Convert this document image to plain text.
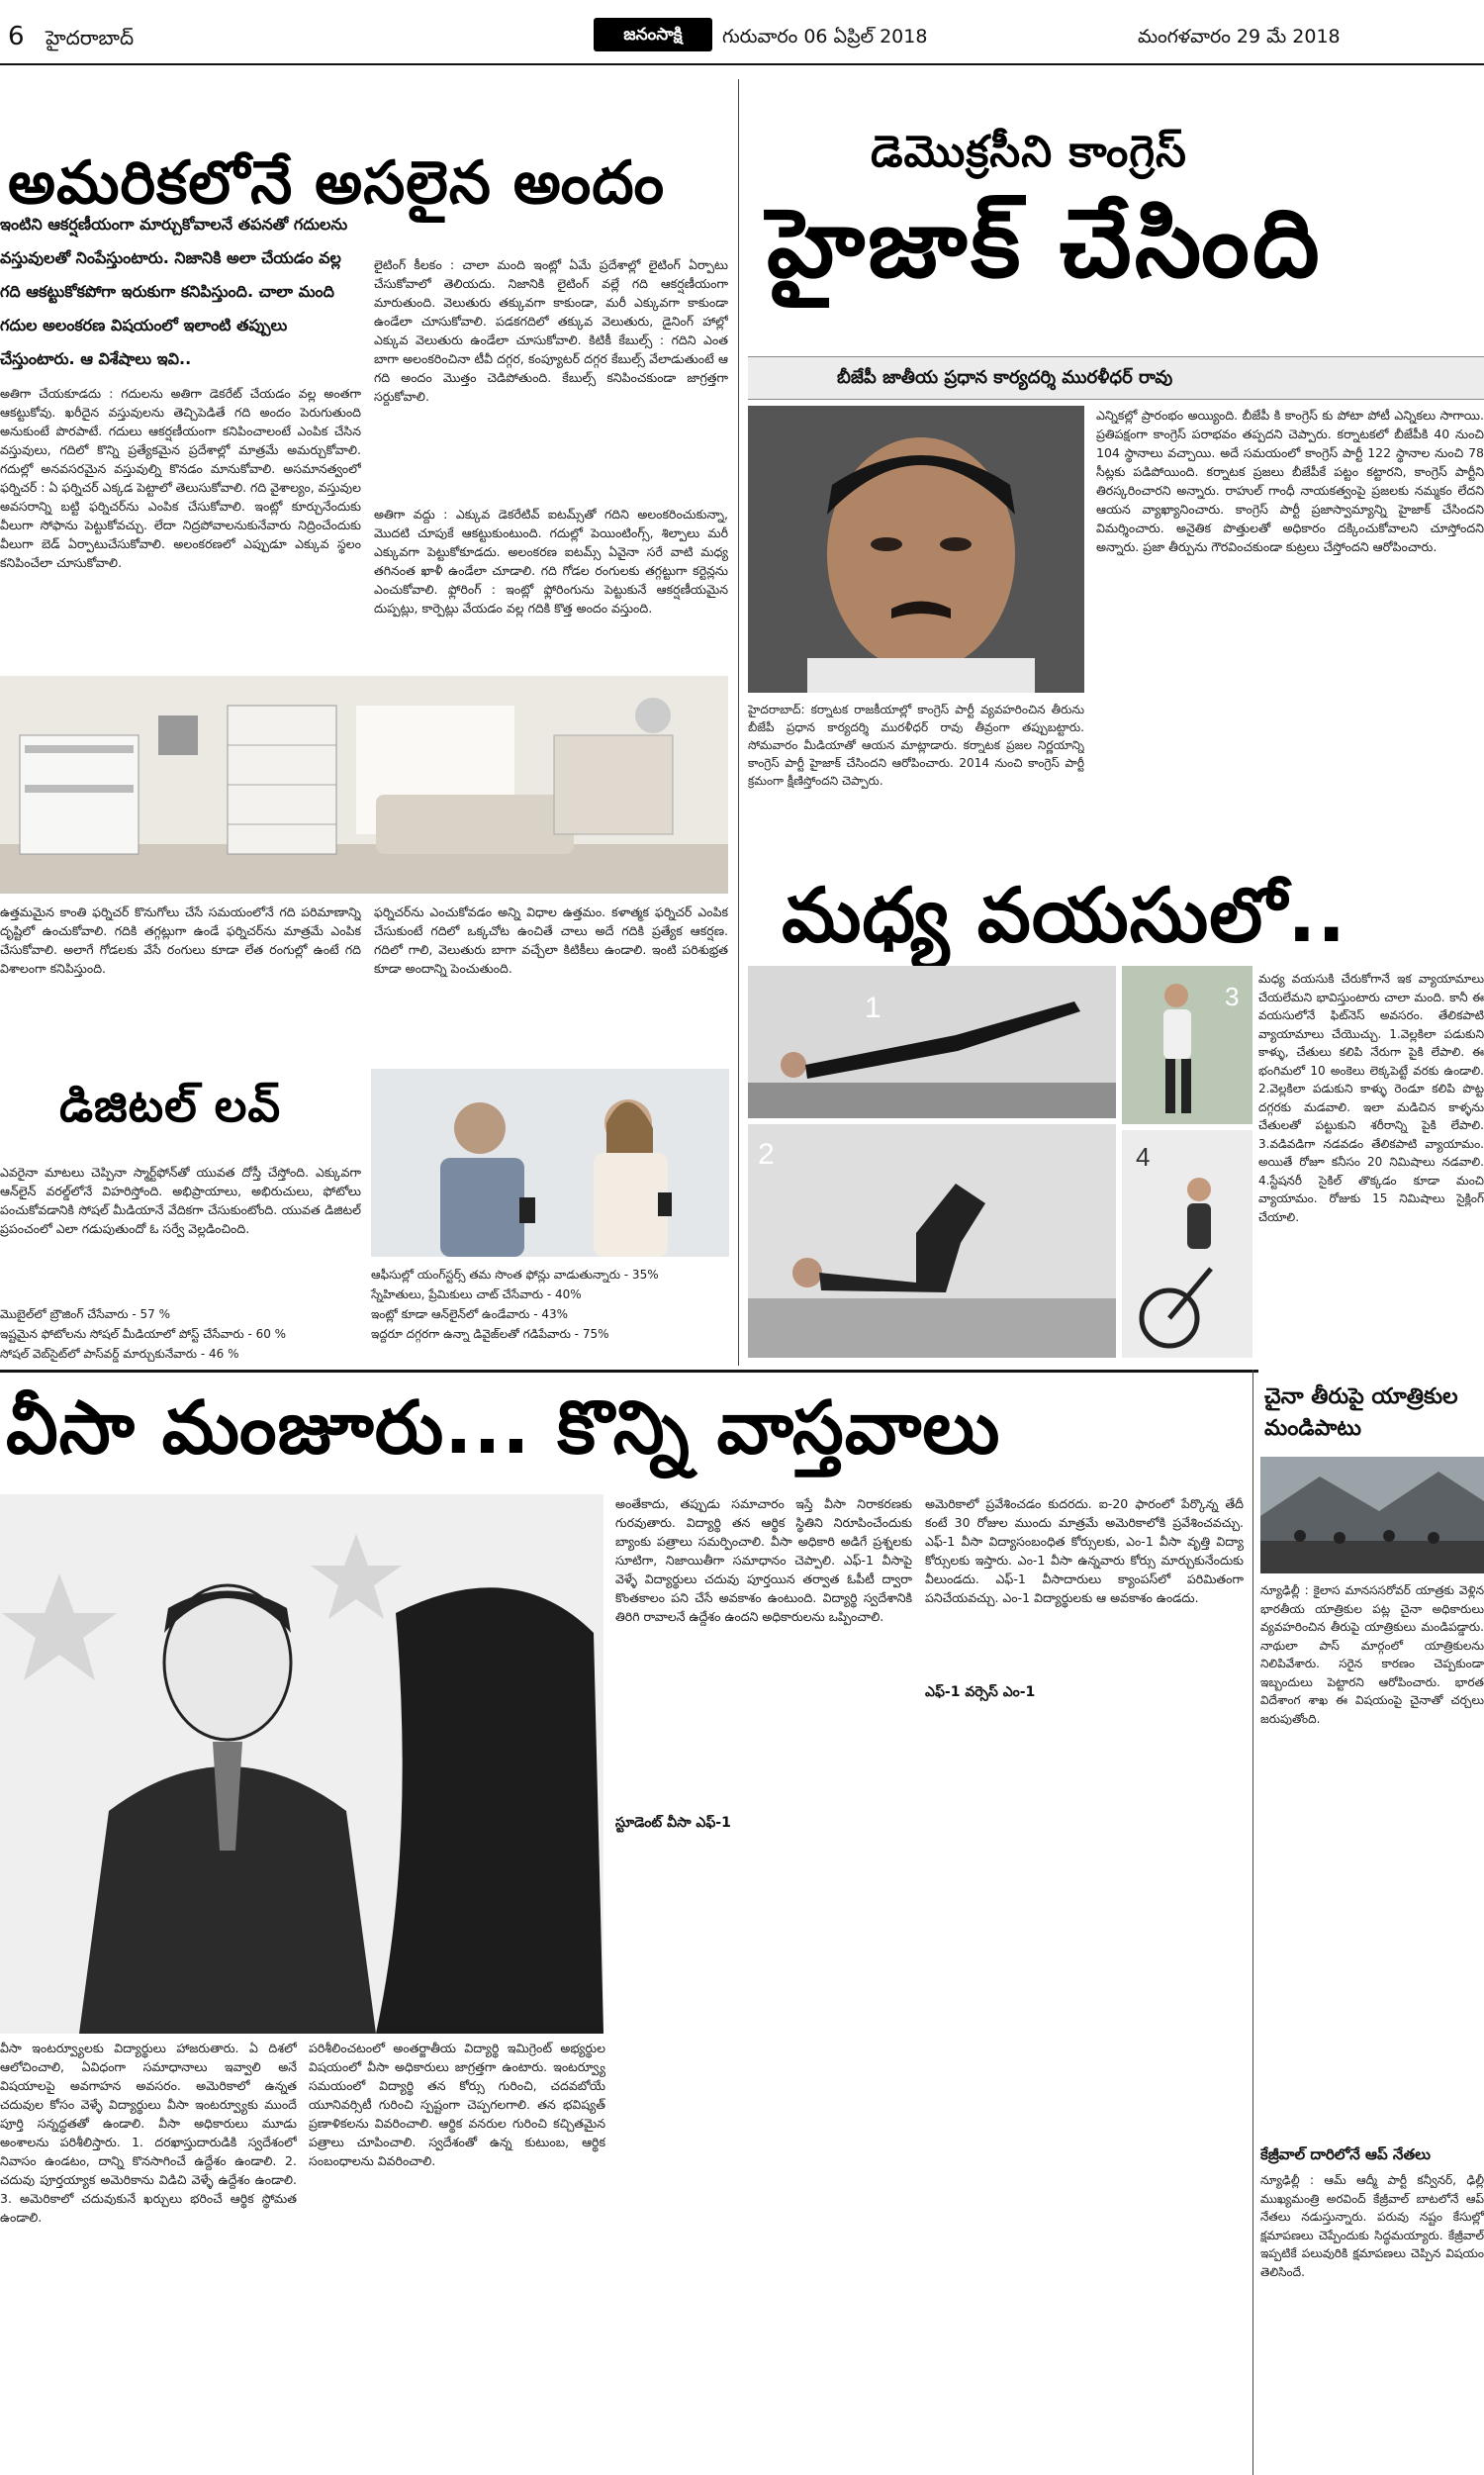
6 హైదరాబాద్	జనంసాక్షి	గురువారం 06 ఏప్రిల్ 2018	మంగళవారం 29 మే 2018
అమరికలోనే అసలైన అందం
ఇంటిని ఆకర్షణీయంగా మార్చుకోవాలనే తపనతో గదులను
వస్తువులతో నింపేస్తుంటారు. నిజానికి అలా చేయడం వల్ల
గది ఆకట్టుకోకపోగా ఇరుకుగా కనిపిస్తుంది. చాలా మంది
గదుల అలంకరణ విషయంలో ఇలాంటి తప్పులు
చేస్తుంటారు. ఆ విశేషాలు ఇవి..
అతిగా చేయకూడదు : గదులను అతిగా డెకరేట్ చేయడం వల్ల అంతగా ఆకట్టుకోవు. ఖరీదైన వస్తువులను తెచ్చిపెడితే గది అందం పెరుగుతుంది అనుకుంటే పొరపాటే. గదులు ఆకర్షణీయంగా కనిపించాలంటే ఎంపిక చేసిన వస్తువులు, గదిలో కొన్ని ప్రత్యేకమైన ప్రదేశాల్లో మాత్రమే అమర్చుకోవాలి. గదుల్లో అనవసరమైన వస్తువుల్ని కొనడం మానుకోవాలి. అసమానత్వంలో ఫర్నిచర్ : ఏ ఫర్నిచర్ ఎక్కడ పెట్టాలో తెలుసుకోవాలి. గది వైశాల్యం, వస్తువుల అవసరాన్ని బట్టి ఫర్నిచర్‌ను ఎంపిక చేసుకోవాలి. ఇంట్లో కూర్చునేందుకు వీలుగా సోఫాను పెట్టుకోవచ్చు. లేదా నిద్రపోవాలనుకునేవారు నిద్రించేందుకు వీలుగా బెడ్ ఏర్పాటుచేసుకోవాలి. అలంకరణలో ఎప్పుడూ ఎక్కువ స్థలం కనిపించేలా చూసుకోవాలి.
లైటింగ్ కీలకం : చాలా మంది ఇంట్లో ఏమే ప్రదేశాల్లో లైటింగ్ ఏర్పాటు చేసుకోవాలో తెలియదు. నిజానికి లైటింగ్ వల్లే గది ఆకర్షణీయంగా మారుతుంది. వెలుతురు తక్కువగా కాకుండా, మరీ ఎక్కువగా కాకుండా ఉండేలా చూసుకోవాలి. పడకగదిలో తక్కువ వెలుతురు, డైనింగ్ హాల్లో ఎక్కువ వెలుతురు ఉండేలా చూసుకోవాలి. కిటికీ కేబుల్స్ : గదిని ఎంత బాగా అలంకరించినా టీవీ దగ్గర, కంప్యూటర్ దగ్గర కేబుల్స్ వేలాడుతుంటే ఆ గది అందం మొత్తం చెడిపోతుంది. కేబుల్స్ కనిపించకుండా జాగ్రత్తగా సర్దుకోవాలి.
అతిగా వద్దు : ఎక్కువ డెకరేటివ్ ఐటమ్స్‌తో గదిని అలంకరించుకున్నా, మొదటి చూపుకే ఆకట్టుకుంటుంది. గదుల్లో పెయింటింగ్స్, శిల్పాలు మరీ ఎక్కువగా పెట్టుకోకూడదు. అలంకరణ ఐటమ్స్ ఏవైనా సరే వాటి మధ్య తగినంత ఖాళీ ఉండేలా చూడాలి. గది గోడల రంగులకు తగ్గట్టుగా కర్టెన్లను ఎంచుకోవాలి. ఫ్లోరింగ్ : ఇంట్లో ఫ్లోరింగును పెట్టుకునే ఆకర్షణీయమైన దుప్పట్లు, కార్పెట్లు వేయడం వల్ల గదికి కొత్త అందం వస్తుంది.
ఉత్తమమైన కాంతి ఫర్నిచర్ కొనుగోలు చేసే సమయంలోనే గది పరిమాణాన్ని దృష్టిలో ఉంచుకోవాలి. గదికి తగ్గట్లుగా ఉండే ఫర్నిచర్‌ను మాత్రమే ఎంపిక చేసుకోవాలి. అలాగే గోడలకు వేసే రంగులు కూడా లేత రంగుల్లో ఉంటే గది విశాలంగా కనిపిస్తుంది.
ఫర్నిచర్‌ను ఎంచుకోవడం అన్ని విధాల ఉత్తమం. కళాత్మక ఫర్నిచర్ ఎంపిక చేసుకుంటే గదిలో ఒక్కచోట ఉంచితే చాలు అదే గదికి ప్రత్యేక ఆకర్షణ. గదిలో గాలి, వెలుతురు బాగా వచ్చేలా కిటికీలు ఉండాలి. ఇంటి పరిశుభ్రత కూడా అందాన్ని పెంచుతుంది.
డిజిటల్ లవ్
ఎవరైనా మాటలు చెప్పినా స్మార్ట్‌ఫోన్‌తో యువత దోస్తీ చేస్తోంది. ఎక్కువగా ఆన్‌లైన్ వరల్డ్‌లోనే విహరిస్తోంది. అభిప్రాయాలు, అభిరుచులు, ఫోటోలు పంచుకోవడానికి సోషల్ మీడియానే వేదికగా చేసుకుంటోంది. యువత డిజిటల్ ప్రపంచంలో ఎలా గడుపుతుందో ఓ సర్వే వెల్లడించింది.
మొబైల్‌లో బ్రౌజింగ్ చేసేవారు - 57 %
ఇష్టమైన ఫోటోలను సోషల్ మీడియాలో పోస్ట్ చేసేవారు - 60 %
సోషల్ వెబ్‌సైట్‌లో పాస్‌వర్డ్ మార్చుకునేవారు - 46 %
ఆఫీసుల్లో యంగ్‌స్టర్స్ తమ సొంత ఫోన్లు వాడుతున్నారు - 35%
స్నేహితులు, ప్రేమికులు చాట్ చేసేవారు - 40%
ఇంట్లో కూడా ఆన్‌లైన్‌లో ఉండేవారు - 43%
ఇద్దరూ దగ్గరగా ఉన్నా డివైజ్‌లతో గడిపేవారు - 75%
డెమొక్రసీని కాంగ్రెస్
హైజాక్ చేసింది
బీజేపీ జాతీయ ప్రధాన కార్యదర్శి మురళీధర్ రావు
హైదరాబాద్: కర్నాటక రాజకీయాల్లో కాంగ్రెస్ పార్టీ వ్యవహరించిన తీరును బీజేపీ ప్రధాన కార్యదర్శి మురళీధర్ రావు తీవ్రంగా తప్పుబట్టారు. సోమవారం మీడియాతో ఆయన మాట్లాడారు. కర్నాటక ప్రజల నిర్ణయాన్ని కాంగ్రెస్ పార్టీ హైజాక్ చేసిందని ఆరోపించారు. 2014 నుంచి కాంగ్రెస్ పార్టీ క్రమంగా క్షీణిస్తోందని చెప్పారు.
ఎన్నికల్లో ప్రారంభం అయ్యింది. బీజేపీ కి కాంగ్రెస్ కు పోటా పోటీ ఎన్నికలు సాగాయి. ప్రతిపక్షంగా కాంగ్రెస్ పరాభవం తప్పదని చెప్పారు. కర్నాటకలో బీజేపీకి 40 నుంచి 104 స్థానాలు వచ్చాయి. అదే సమయంలో కాంగ్రెస్ పార్టీ 122 స్థానాల నుంచి 78 సీట్లకు పడిపోయింది. కర్నాటక ప్రజలు బీజేపీకే పట్టం కట్టారని, కాంగ్రెస్ పార్టీని తిరస్కరించారని అన్నారు. రాహుల్ గాంధీ నాయకత్వంపై ప్రజలకు నమ్మకం లేదని ఆయన వ్యాఖ్యానించారు. కాంగ్రెస్ పార్టీ ప్రజాస్వామ్యాన్ని హైజాక్ చేసిందని విమర్శించారు. అనైతిక పొత్తులతో అధికారం దక్కించుకోవాలని చూస్తోందని అన్నారు. ప్రజా తీర్పును గౌరవించకుండా కుట్రలు చేస్తోందని ఆరోపించారు.
మధ్య వయసులో..
1	3
2	4
మధ్య వయసుకి చేరుకోగానే ఇక వ్యాయామాలు చేయలేమని భావిస్తుంటారు చాలా మంది. కానీ ఈ వయసులోనే ఫిట్‌నెస్ అవసరం. తేలికపాటి వ్యాయామాలు చేయొచ్చు. 1.వెల్లకిలా పడుకుని కాళ్ళు, చేతులు కలిపి నేరుగా పైకి లేపాలి. ఈ భంగిమలో 10 అంకెలు లెక్కపెట్టే వరకు ఉండాలి. 2.వెల్లకిలా పడుకుని కాళ్ళు రెండూ కలిపి పొట్ట దగ్గరకు మడవాలి. ఇలా మడిచిన కాళ్ళను చేతులతో పట్టుకుని శరీరాన్ని పైకి లేపాలి. 3.వడివడిగా నడవడం తేలికపాటి వ్యాయామం. అయితే రోజూ కనీసం 20 నిమిషాలు నడవాలి. 4.స్టేషనరీ సైకిల్ తొక్కడం కూడా మంచి వ్యాయామం. రోజుకు 15 నిమిషాలు సైక్లింగ్ చేయాలి.
వీసా మంజూరు... కొన్ని వాస్తవాలు
వీసా ఇంటర్వ్యూలకు విద్యార్థులు హాజరుతారు. ఏ దిశలో ఆలోచించాలి, ఏవిధంగా సమాధానాలు ఇవ్వాలి అనే విషయాలపై అవగాహన అవసరం. అమెరికాలో ఉన్నత చదువుల కోసం వెళ్ళే విద్యార్థులు వీసా ఇంటర్వ్యూకు ముందే పూర్తి సన్నద్ధతతో ఉండాలి. వీసా అధికారులు మూడు అంశాలను పరిశీలిస్తారు. 1. దరఖాస్తుదారుడికి స్వదేశంలో నివాసం ఉండటం, దాన్ని కొనసాగించే ఉద్దేశం ఉండాలి. 2. చదువు పూర్తయ్యాక అమెరికాను విడిచి వెళ్ళే ఉద్దేశం ఉండాలి. 3. అమెరికాలో చదువుకునే ఖర్చులు భరించే ఆర్థిక స్థోమత ఉండాలి.
పరిశీలించటంలో అంతర్జాతీయ విద్యార్థి ఇమిగ్రెంట్ అభ్యర్థుల విషయంలో వీసా అధికారులు జాగ్రత్తగా ఉంటారు. ఇంటర్వ్యూ సమయంలో విద్యార్థి తన కోర్సు గురించి, చదవబోయే యూనివర్సిటీ గురించి స్పష్టంగా చెప్పగలగాలి. తన భవిష్యత్ ప్రణాళికలను వివరించాలి. ఆర్థిక వనరుల గురించి కచ్చితమైన పత్రాలు చూపించాలి. స్వదేశంతో ఉన్న కుటుంబ, ఆర్థిక సంబంధాలను వివరించాలి.
అంతేకాదు, తప్పుడు సమాచారం ఇస్తే వీసా నిరాకరణకు గురవుతారు. విద్యార్థి తన ఆర్థిక స్థితిని నిరూపించేందుకు బ్యాంకు పత్రాలు సమర్పించాలి. వీసా అధికారి అడిగే ప్రశ్నలకు సూటిగా, నిజాయితీగా సమాధానం చెప్పాలి. ఎఫ్-1 వీసాపై వెళ్ళే విద్యార్థులు చదువు పూర్తయిన తర్వాత ఓపీటీ ద్వారా కొంతకాలం పని చేసే అవకాశం ఉంటుంది. విద్యార్థి స్వదేశానికి తిరిగి రావాలనే ఉద్దేశం ఉందని అధికారులను ఒప్పించాలి.
స్టూడెంట్ వీసా ఎఫ్-1
అమెరికాలో ప్రవేశించడం కుదరదు. ఐ-20 ఫారంలో పేర్కొన్న తేదీ కంటే 30 రోజుల ముందు మాత్రమే అమెరికాలోకి ప్రవేశించవచ్చు. ఎఫ్-1 వీసా విద్యాసంబంధిత కోర్సులకు, ఎం-1 వీసా వృత్తి విద్యా కోర్సులకు ఇస్తారు. ఎం-1 వీసా ఉన్నవారు కోర్సు మార్చుకునేందుకు వీలుండదు. ఎఫ్-1 వీసాదారులు క్యాంపస్‌లో పరిమితంగా పనిచేయవచ్చు. ఎం-1 విద్యార్థులకు ఆ అవకాశం ఉండదు.
ఎఫ్-1 వర్సెస్ ఎం-1
చైనా తీరుపై యాత్రికుల మండిపాటు
న్యూఢిల్లీ : కైలాస మానససరోవర్ యాత్రకు వెళ్లిన భారతీయ యాత్రికుల పట్ల చైనా అధికారులు వ్యవహరించిన తీరుపై యాత్రికులు మండిపడ్డారు. నాథులా పాస్ మార్గంలో యాత్రికులను నిలిపివేశారు. సరైన కారణం చెప్పకుండా ఇబ్బందులు పెట్టారని ఆరోపించారు. భారత విదేశాంగ శాఖ ఈ విషయంపై చైనాతో చర్చలు జరుపుతోంది.
కేజ్రీవాల్ దారిలోనే ఆప్ నేతలు
న్యూఢిల్లీ : ఆమ్ ఆద్మీ పార్టీ కన్వీనర్, ఢిల్లీ ముఖ్యమంత్రి అరవింద్ కేజ్రీవాల్ బాటలోనే ఆప్ నేతలు నడుస్తున్నారు. పరువు నష్టం కేసుల్లో క్షమాపణలు చెప్పేందుకు సిద్ధమయ్యారు. కేజ్రీవాల్ ఇప్పటికే పలువురికి క్షమాపణలు చెప్పిన విషయం తెలిసిందే.
